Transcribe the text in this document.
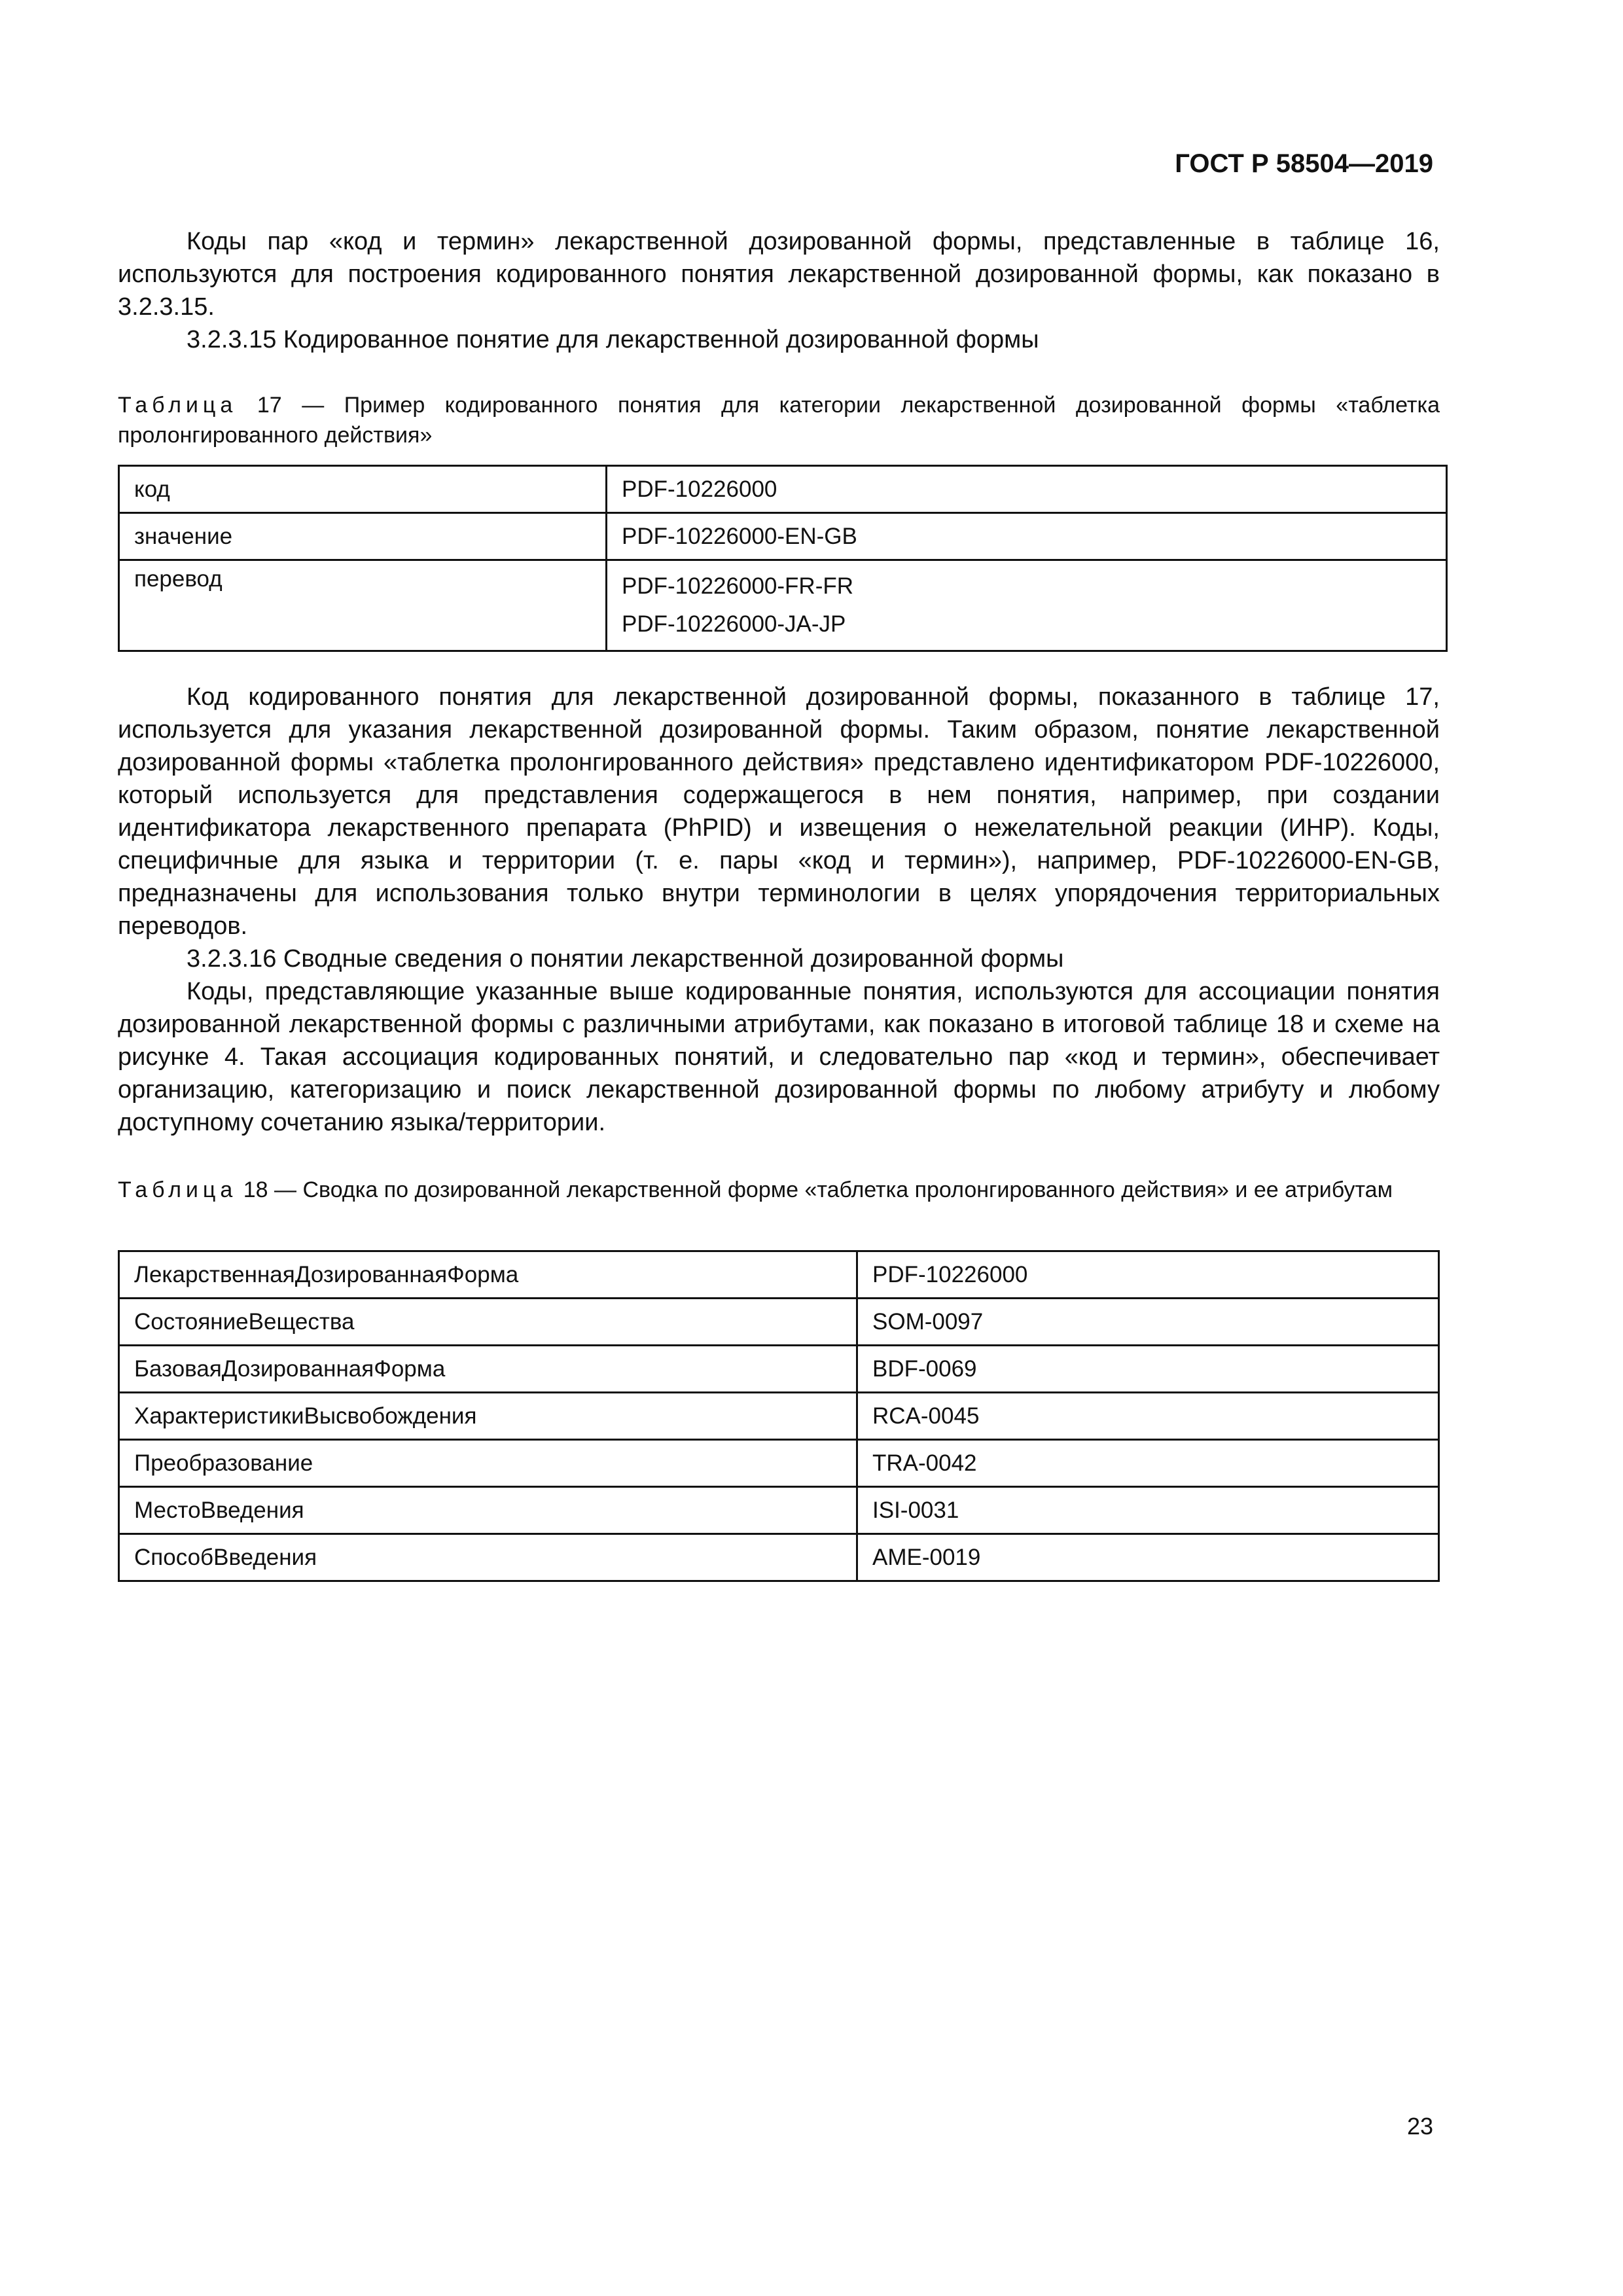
ГОСТ Р 58504—2019

Коды пар «код и термин» лекарственной дозированной формы, представленные в таблице 16, используются для построения кодированного понятия лекарственной дозированной формы, как показано в 3.2.3.15.

3.2.3.15 Кодированное понятие для лекарственной дозированной формы

Таблица 17 — Пример кодированного понятия для категории лекарственной дозированной формы «таблетка пролонгированного действия»

код	PDF-10226000
значение	PDF-10226000-EN-GB
перевод	PDF-10226000-FR-FR
PDF-10226000-JA-JP

Код кодированного понятия для лекарственной дозированной формы, показанного в таблице 17, используется для указания лекарственной дозированной формы. Таким образом, понятие лекарственной дозированной формы «таблетка пролонгированного действия» представлено идентификатором PDF-10226000, который используется для представления содержащегося в нем понятия, например, при создании идентификатора лекарственного препарата (PhPID) и извещения о нежелательной реакции (ИНР). Коды, специфичные для языка и территории (т. е. пары «код и термин»), например, PDF-10226000-EN-GB, предназначены для использования только внутри терминологии в целях упорядочения территориальных переводов.

3.2.3.16 Сводные сведения о понятии лекарственной дозированной формы

Коды, представляющие указанные выше кодированные понятия, используются для ассоциации понятия дозированной лекарственной формы с различными атрибутами, как показано в итоговой таблице 18 и схеме на рисунке 4. Такая ассоциация кодированных понятий, и следовательно пар «код и термин», обеспечивает организацию, категоризацию и поиск лекарственной дозированной формы по любому атрибуту и любому доступному сочетанию языка/территории.

Таблица 18 — Сводка по дозированной лекарственной форме «таблетка пролонгированного действия» и ее атрибутам

ЛекарственнаяДозированнаяФорма	PDF-10226000
СостояниеВещества	SOM-0097
БазоваяДозированнаяФорма	BDF-0069
ХарактеристикиВысвобождения	RCA-0045
Преобразование	TRA-0042
МестоВведения	ISI-0031
СпособВведения	AME-0019
23
